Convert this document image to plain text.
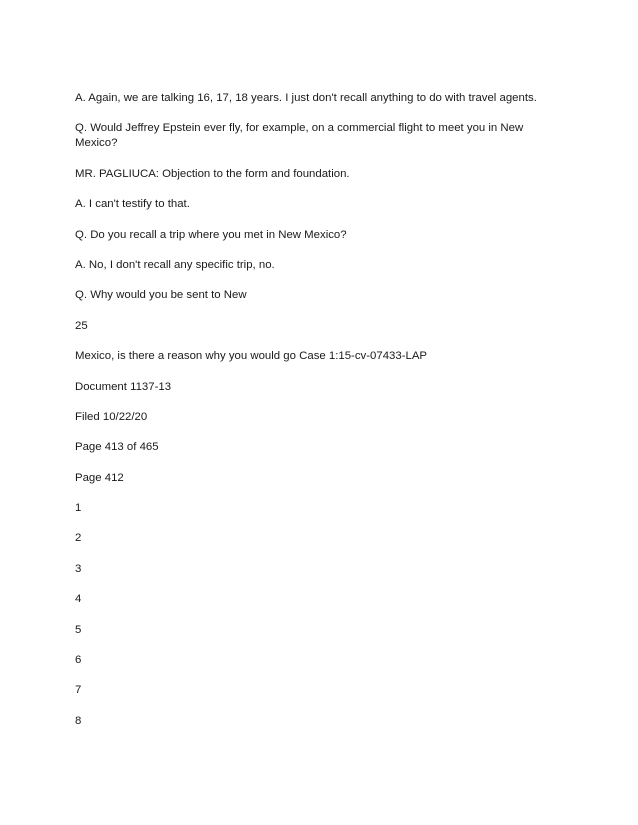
A. Again, we are talking 16, 17, 18 years. I just don't recall anything to do with travel agents.

Q. Would Jeffrey Epstein ever fly, for example, on a commercial flight to meet you in New Mexico?

MR. PAGLIUCA: Objection to the form and foundation.

A. I can't testify to that.

Q. Do you recall a trip where you met in New Mexico?

A. No, I don't recall any specific trip, no.

Q. Why would you be sent to New

25

Mexico, is there a reason why you would go Case 1:15-cv-07433-LAP

Document 1137-13

Filed 10/22/20

Page 413 of 465

Page 412

1

2

3

4

5

6

7

8
